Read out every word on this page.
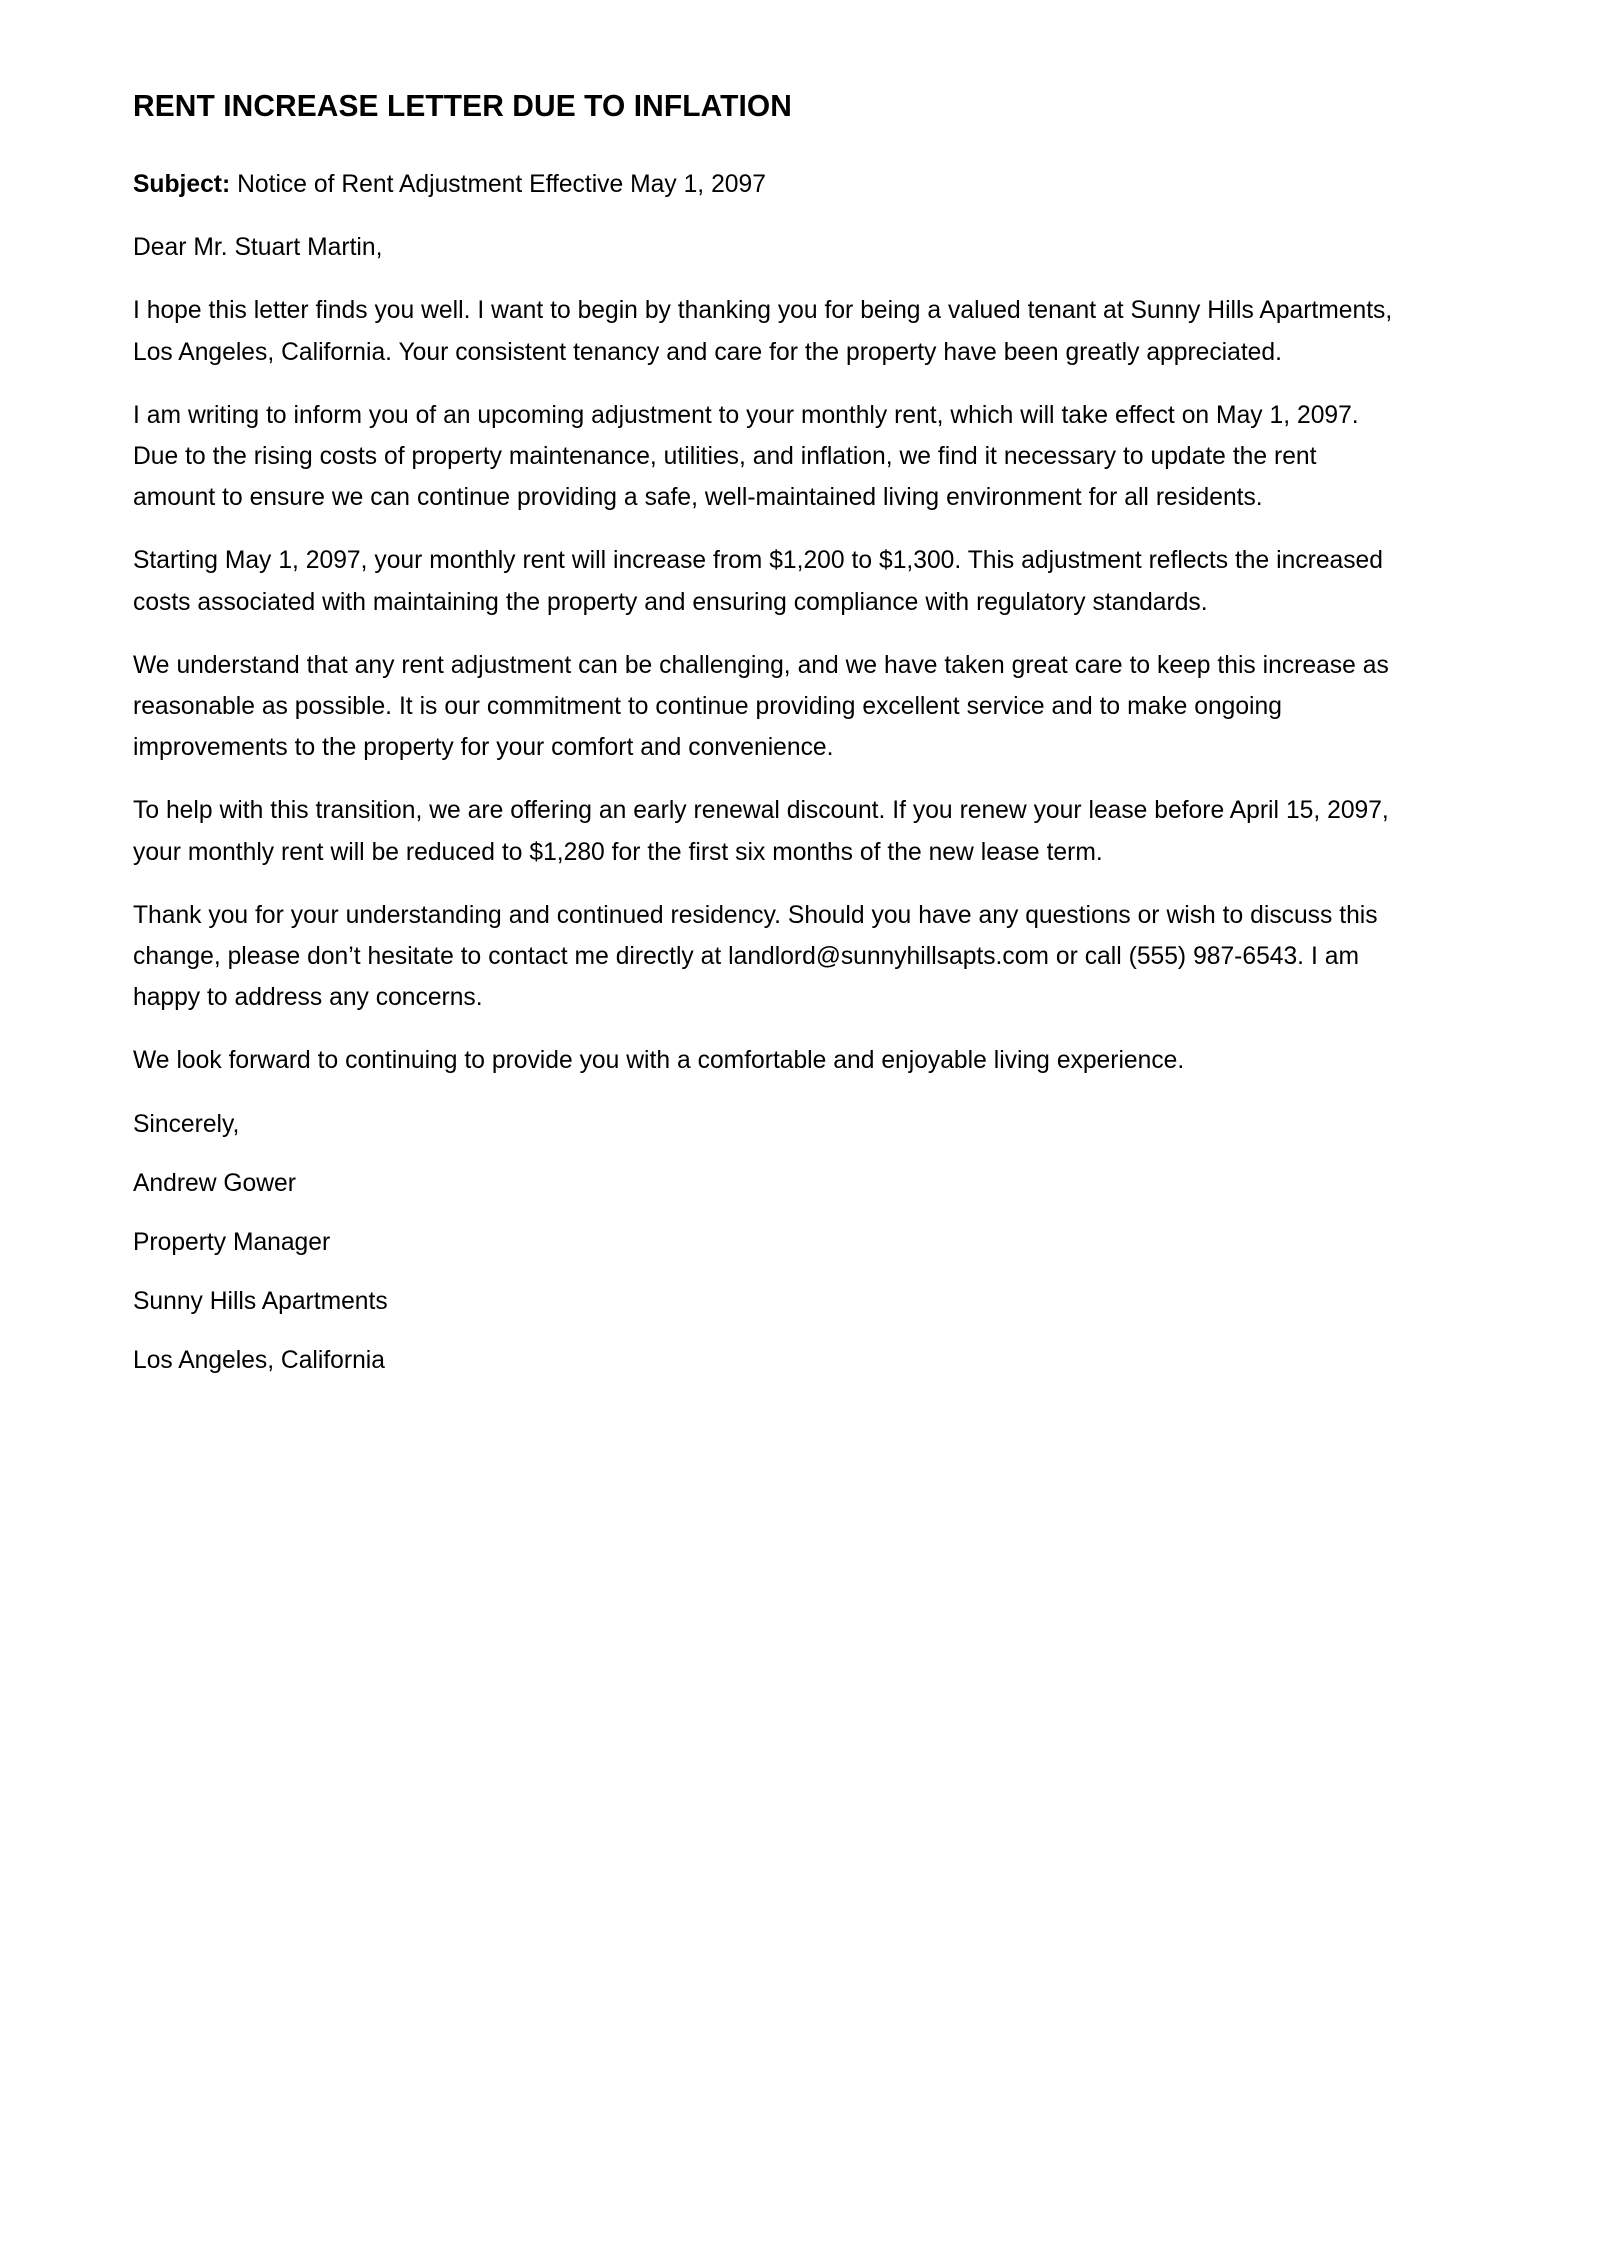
RENT INCREASE LETTER DUE TO INFLATION

Subject: Notice of Rent Adjustment Effective May 1, 2097

Dear Mr. Stuart Martin,

I hope this letter finds you well. I want to begin by thanking you for being a valued tenant at Sunny Hills Apartments, Los Angeles, California. Your consistent tenancy and care for the property have been greatly appreciated.

I am writing to inform you of an upcoming adjustment to your monthly rent, which will take effect on May 1, 2097. Due to the rising costs of property maintenance, utilities, and inflation, we find it necessary to update the rent amount to ensure we can continue providing a safe, well-maintained living environment for all residents.

Starting May 1, 2097, your monthly rent will increase from $1,200 to $1,300. This adjustment reflects the increased costs associated with maintaining the property and ensuring compliance with regulatory standards.

We understand that any rent adjustment can be challenging, and we have taken great care to keep this increase as reasonable as possible. It is our commitment to continue providing excellent service and to make ongoing improvements to the property for your comfort and convenience.

To help with this transition, we are offering an early renewal discount. If you renew your lease before April 15, 2097, your monthly rent will be reduced to $1,280 for the first six months of the new lease term.

Thank you for your understanding and continued residency. Should you have any questions or wish to discuss this change, please don’t hesitate to contact me directly at landlord@sunnyhillsapts.com or call (555) 987-6543. I am happy to address any concerns.

We look forward to continuing to provide you with a comfortable and enjoyable living experience.

Sincerely,

Andrew Gower

Property Manager

Sunny Hills Apartments

Los Angeles, California
